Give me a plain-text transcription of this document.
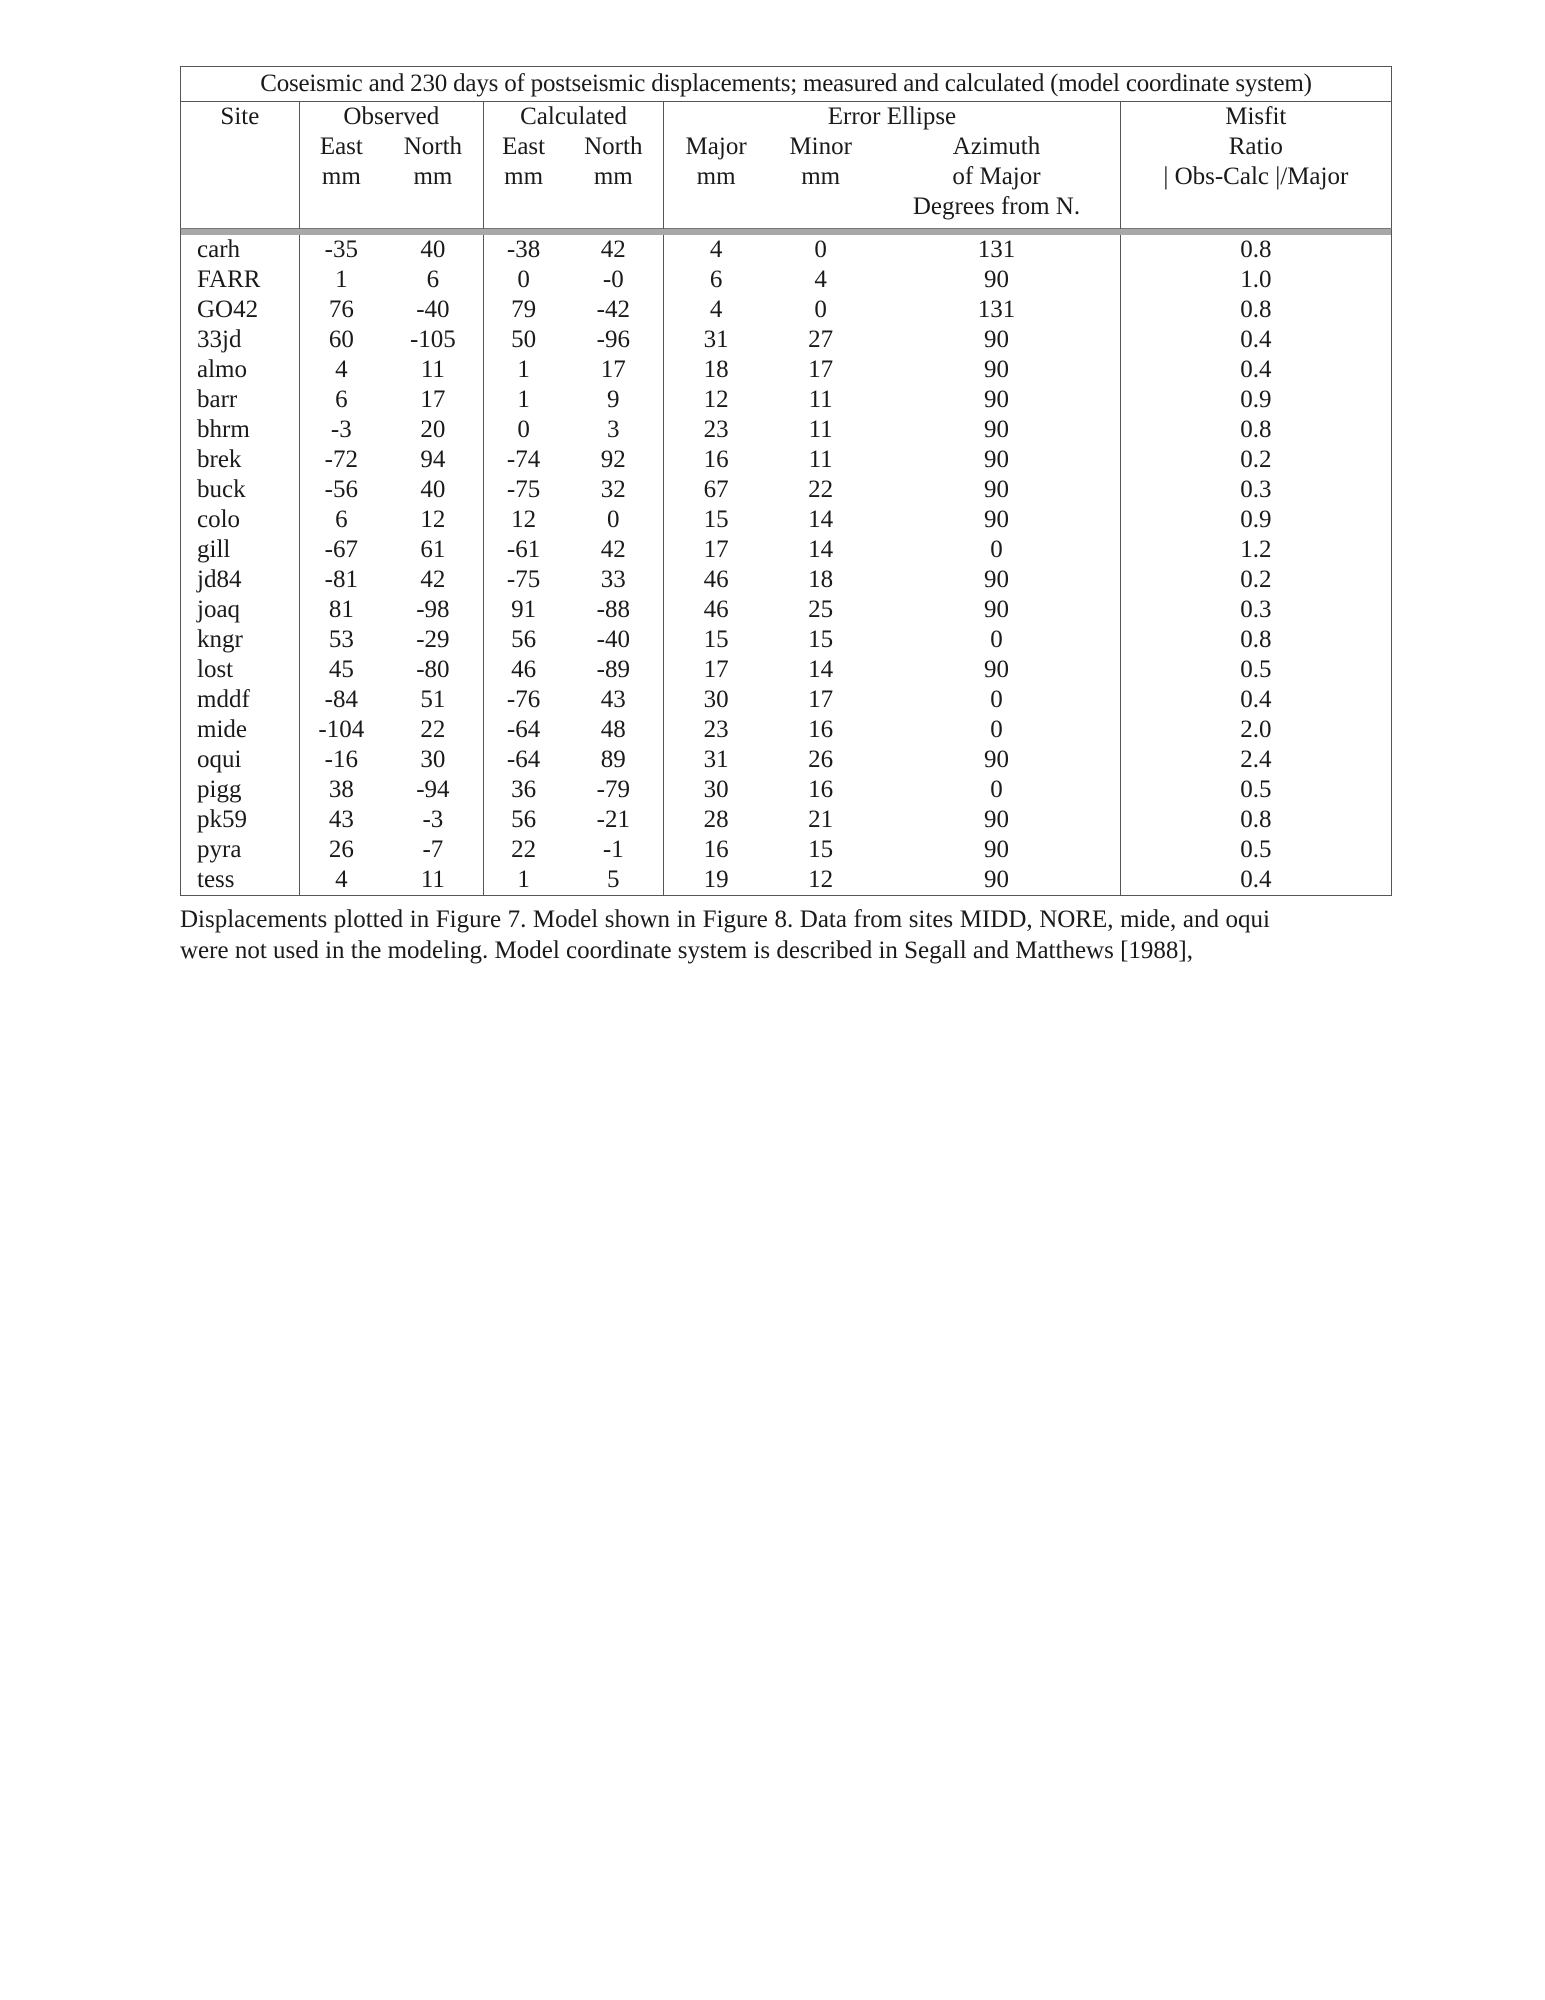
Coseismic and 230 days of postseismic displacements; measured and calculated (model coordinate system)								
Site	Observed		Calculated		Error Ellipse			Misfit
	East	North	East	North	Major	Minor	Azimuth	Ratio
	mm	mm	mm	mm	mm	mm	of Major	| Obs-Calc |/Major
							Degrees from N.	

carh	-35	40	-38	42	4	0	131	0.8
FARR	1	6	0	-0	6	4	90	1.0
GO42	76	-40	79	-42	4	0	131	0.8
33jd	60	-105	50	-96	31	27	90	0.4
almo	4	11	1	17	18	17	90	0.4
barr	6	17	1	9	12	11	90	0.9
bhrm	-3	20	0	3	23	11	90	0.8
brek	-72	94	-74	92	16	11	90	0.2
buck	-56	40	-75	32	67	22	90	0.3
colo	6	12	12	0	15	14	90	0.9
gill	-67	61	-61	42	17	14	0	1.2
jd84	-81	42	-75	33	46	18	90	0.2
joaq	81	-98	91	-88	46	25	90	0.3
kngr	53	-29	56	-40	15	15	0	0.8
lost	45	-80	46	-89	17	14	90	0.5
mddf	-84	51	-76	43	30	17	0	0.4
mide	-104	22	-64	48	23	16	0	2.0
oqui	-16	30	-64	89	31	26	90	2.4
pigg	38	-94	36	-79	30	16	0	0.5
pk59	43	-3	56	-21	28	21	90	0.8
pyra	26	-7	22	-1	16	15	90	0.5
tess	4	11	1	5	19	12	90	0.4

Displacements plotted in Figure 7. Model shown in Figure 8. Data from sites MIDD, NORE, mide, and oqui were not used in the modeling. Model coordinate system is described in Segall and Matthews [1988],
